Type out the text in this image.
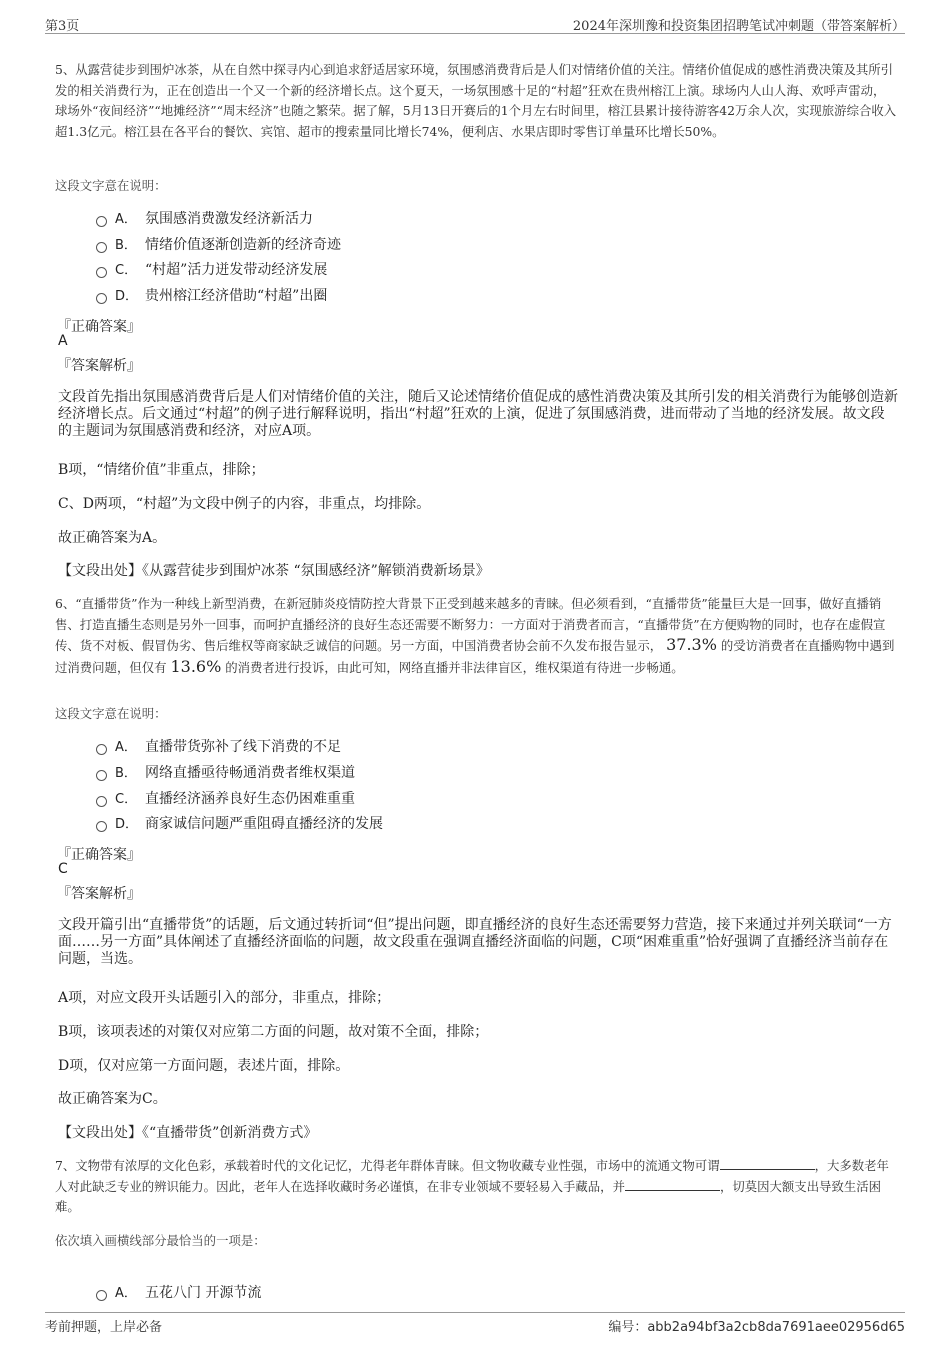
第3页	2024年深圳豫和投资集团招聘笔试冲刺题（带答案解析）
5、从露营徒步到围炉冰茶，从在自然中探寻内心到追求舒适居家环境，氛围感消费背后是人们对情绪价值的关注。情绪价值促成的感性消费决策及其所引发的相关消费行为，正在创造出一个又一个新的经济增长点。这个夏天，一场氛围感十足的“村超”狂欢在贵州榕江上演。球场内人山人海、欢呼声雷动，球场外“夜间经济”“地摊经济”“周末经济”也随之繁荣。据了解，5月13日开赛后的1个月左右时间里，榕江县累计接待游客42万余人次，实现旅游综合收入超1.3亿元。榕江县在各平台的餐饮、宾馆、超市的搜索量同比增长74%，便利店、水果店即时零售订单量环比增长50%。
这段文字意在说明：
A． 氛围感消费激发经济新活力
B． 情绪价值逐渐创造新的经济奇迹
C． “村超”活力迸发带动经济发展
D． 贵州榕江经济借助“村超”出圈
『正确答案』
A
『答案解析』
文段首先指出氛围感消费背后是人们对情绪价值的关注，随后又论述情绪价值促成的感性消费决策及其所引发的相关消费行为能够创造新经济增长点。后文通过“村超”的例子进行解释说明，指出“村超”狂欢的上演，促进了氛围感消费，进而带动了当地的经济发展。故文段的主题词为氛围感消费和经济，对应A项。
B项，“情绪价值”非重点，排除；
C、D两项，“村超”为文段中例子的内容，非重点，均排除。
故正确答案为A。
【文段出处】《从露营徒步到围炉冰茶 “氛围感经济”解锁消费新场景》
6、“直播带货”作为一种线上新型消费，在新冠肺炎疫情防控大背景下正受到越来越多的青睐。但必须看到，“直播带货”能量巨大是一回事，做好直播销售、打造直播生态则是另外一回事，而呵护直播经济的良好生态还需要不断努力：一方面对于消费者而言，“直播带货”在方便购物的同时，也存在虚假宣传、货不对板、假冒伪劣、售后维权等商家缺乏诚信的问题。另一方面，中国消费者协会前不久发布报告显示， 37.3% 的受访消费者在直播购物中遇到过消费问题，但仅有 13.6% 的消费者进行投诉，由此可知，网络直播并非法律盲区，维权渠道有待进一步畅通。
这段文字意在说明：
A． 直播带货弥补了线下消费的不足
B． 网络直播亟待畅通消费者维权渠道
C． 直播经济涵养良好生态仍困难重重
D． 商家诚信问题严重阻碍直播经济的发展
『正确答案』
C
『答案解析』
文段开篇引出“直播带货”的话题，后文通过转折词“但”提出问题，即直播经济的良好生态还需要努力营造，接下来通过并列关联词“一方面……另一方面”具体阐述了直播经济面临的问题，故文段重在强调直播经济面临的问题，C项“困难重重”恰好强调了直播经济当前存在问题，当选。
A项，对应文段开头话题引入的部分，非重点，排除；
B项，该项表述的对策仅对应第二方面的问题，故对策不全面，排除；
D项，仅对应第一方面问题，表述片面，排除。
故正确答案为C。
【文段出处】《“直播带货”创新消费方式》
7、文物带有浓厚的文化色彩，承载着时代的文化记忆，尤得老年群体青睐。但文物收藏专业性强，市场中的流通文物可谓	，大多数老年人对此缺乏专业的辨识能力。因此，老年人在选择收藏时务必谨慎，在非专业领域不要轻易入手藏品，并	，切莫因大额支出导致生活困难。
依次填入画横线部分最恰当的一项是：
A． 五花八门 开源节流
考前押题，上岸必备	编号：abb2a94bf3a2cb8da7691aee02956d65
